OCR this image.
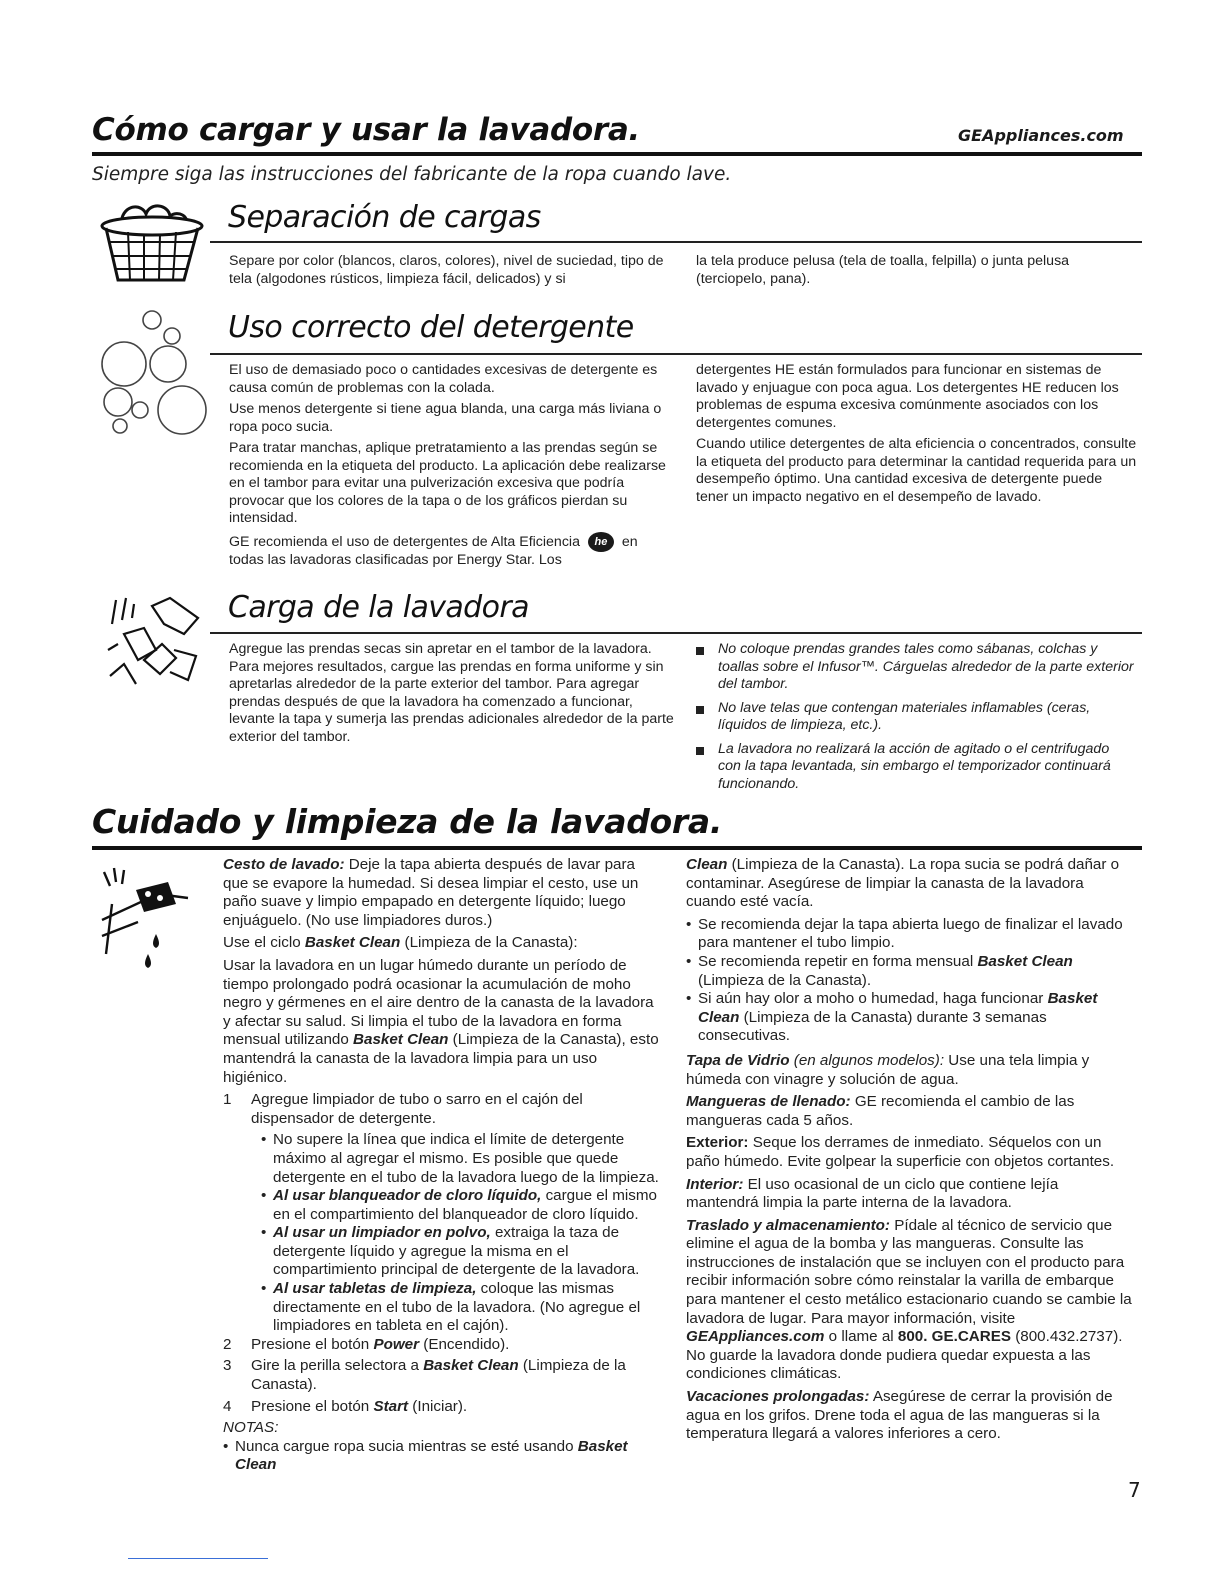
Cómo cargar y usar la lavadora.	GEAppliances.com
Siempre siga las instrucciones del fabricante de la ropa cuando lave.
Separación de cargas

Separe por color (blancos, claros, colores), nivel de suciedad, tipo de tela (algodones rústicos, limpieza fácil, delicados) y si

la tela produce pelusa (tela de toalla, felpilla) o junta pelusa (terciopelo, pana).

Uso correcto del detergente

El uso de demasiado poco o cantidades excesivas de detergente es causa común de problemas con la colada.

Use menos detergente si tiene agua blanda, una carga más liviana o ropa poco sucia.

Para tratar manchas, aplique pretratamiento a las prendas según se recomienda en la etiqueta del producto. La aplicación debe realizarse en el tambor para evitar una pulverización excesiva que podría provocar que los colores de la tapa o de los gráficos pierdan su intensidad.

GE recomienda el uso de detergentes de Alta Eficiencia he en todas las lavadoras clasificadas por Energy Star. Los

detergentes HE están formulados para funcionar en sistemas de lavado y enjuague con poca agua. Los detergentes HE reducen los problemas de espuma excesiva comúnmente asociados con los detergentes comunes.

Cuando utilice detergentes de alta eficiencia o concentrados, consulte la etiqueta del producto para determinar la cantidad requerida para un desempeño óptimo. Una cantidad excesiva de detergente puede tener un impacto negativo en el desempeño de lavado.

Carga de la lavadora

Agregue las prendas secas sin apretar en el tambor de la lavadora. Para mejores resultados, cargue las prendas en forma uniforme y sin apretarlas alrededor de la parte exterior del tambor. Para agregar prendas después de que la lavadora ha comenzado a funcionar, levante la tapa y sumerja las prendas adicionales alrededor de la parte exterior del tambor.

No coloque prendas grandes tales como sábanas, colchas y toallas sobre el Infusor™. Cárguelas alrededor de la parte exterior del tambor.
No lave telas que contengan materiales inflamables (ceras, líquidos de limpieza, etc.).
La lavadora no realizará la acción de agitado o el centrifugado con la tapa levantada, sin embargo el temporizador continuará funcionando.
Cuidado y limpieza de la lavadora.

Cesto de lavado: Deje la tapa abierta después de lavar para que se evapore la humedad. Si desea limpiar el cesto, use un paño suave y limpio empapado en detergente líquido; luego enjuáguelo. (No use limpiadores duros.)

Use el ciclo Basket Clean (Limpieza de la Canasta):

Usar la lavadora en un lugar húmedo durante un período de tiempo prolongado podrá ocasionar la acumulación de moho negro y gérmenes en el aire dentro de la canasta de la lavadora y afectar su salud. Si limpia el tubo de la lavadora en forma mensual utilizando Basket Clean (Limpieza de la Canasta), esto mantendrá la canasta de la lavadora limpia para un uso higiénico.

1 Agregue limpiador de tubo o sarro en el cajón del dispensador de detergente.
• No supere la línea que indica el límite de detergente máximo al agregar el mismo. Es posible que quede detergente en el tubo de la lavadora luego de la limpieza.
• Al usar blanqueador de cloro líquido, cargue el mismo en el compartimiento del blanqueador de cloro líquido.
• Al usar un limpiador en polvo, extraiga la taza de detergente líquido y agregue la misma en el compartimiento principal de detergente de la lavadora.
• Al usar tabletas de limpieza, coloque las mismas directamente en el tubo de la lavadora. (No agregue el limpiadores en tableta en el cajón).
2 Presione el botón Power (Encendido).
3 Gire la perilla selectora a Basket Clean (Limpieza de la Canasta).
4 Presione el botón Start (Iniciar).
NOTAS:
• Nunca cargue ropa sucia mientras se esté usando Basket Clean

Clean (Limpieza de la Canasta). La ropa sucia se podrá dañar o contaminar. Asegúrese de limpiar la canasta de la lavadora cuando esté vacía.

• Se recomienda dejar la tapa abierta luego de finalizar el lavado para mantener el tubo limpio.
• Se recomienda repetir en forma mensual Basket Clean (Limpieza de la Canasta).
• Si aún hay olor a moho o humedad, haga funcionar Basket Clean (Limpieza de la Canasta) durante 3 semanas consecutivas.

Tapa de Vidrio (en algunos modelos): Use una tela limpia y húmeda con vinagre y solución de agua.

Mangueras de llenado: GE recomienda el cambio de las mangueras cada 5 años.

Exterior: Seque los derrames de inmediato. Séquelos con un paño húmedo. Evite golpear la superficie con objetos cortantes.

Interior: El uso ocasional de un ciclo que contiene lejía mantendrá limpia la parte interna de la lavadora.

Traslado y almacenamiento: Pídale al técnico de servicio que elimine el agua de la bomba y las mangueras. Consulte las instrucciones de instalación que se incluyen con el producto para recibir información sobre cómo reinstalar la varilla de embarque para mantener el cesto metálico estacionario cuando se cambie la lavadora de lugar. Para mayor información, visite GEAppliances.com o llame al 800. GE.CARES (800.432.2737). No guarde la lavadora donde pudiera quedar expuesta a las condiciones climáticas.

Vacaciones prolongadas: Asegúrese de cerrar la provisión de agua en los grifos. Drene toda el agua de las mangueras si la temperatura llegará a valores inferiores a cero.

7
